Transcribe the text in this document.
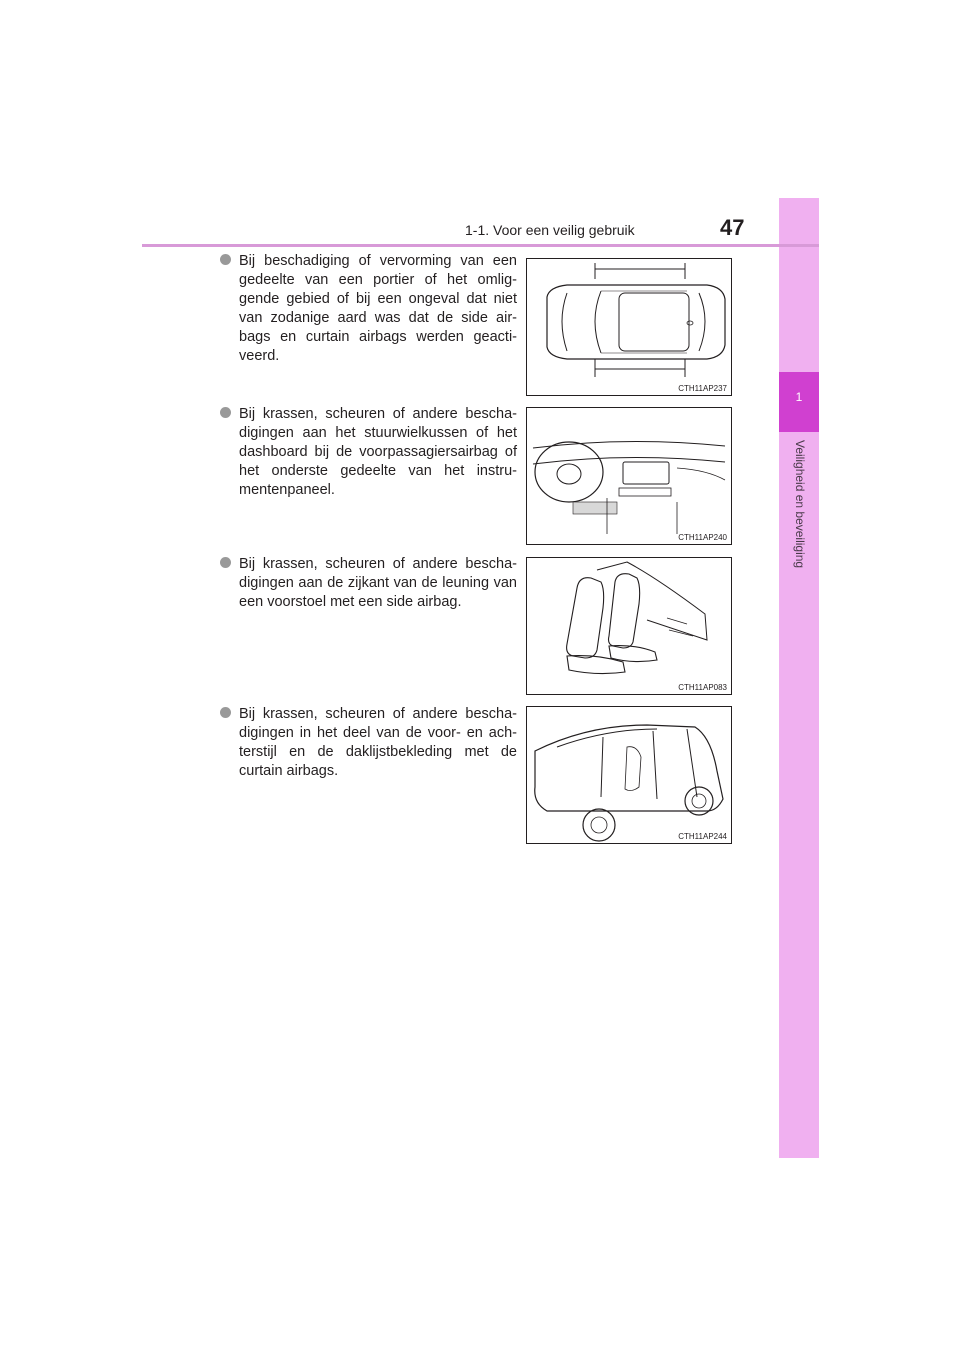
1
Veiligheid en beveiliging
1-1. Voor een veilig gebruik	47
Bij beschadiging of vervorming van een gedeelte van een portier of het omlig-gende gebied of bij een ongeval dat niet van zodanige aard was dat de side air-bags en curtain airbags werden geacti-veerd.
CTH11AP237
Bij krassen, scheuren of andere bescha-digingen aan het stuurwielkussen of het dashboard bij de voorpassagiersairbag of het onderste gedeelte van het instru-mentenpaneel.
CTH11AP240
Bij krassen, scheuren of andere bescha-digingen aan de zijkant van de leuning van een voorstoel met een side airbag.
CTH11AP083
Bij krassen, scheuren of andere bescha-digingen in het deel van de voor- en ach-terstijl en de daklijstbekleding met de curtain airbags.
CTH11AP244
